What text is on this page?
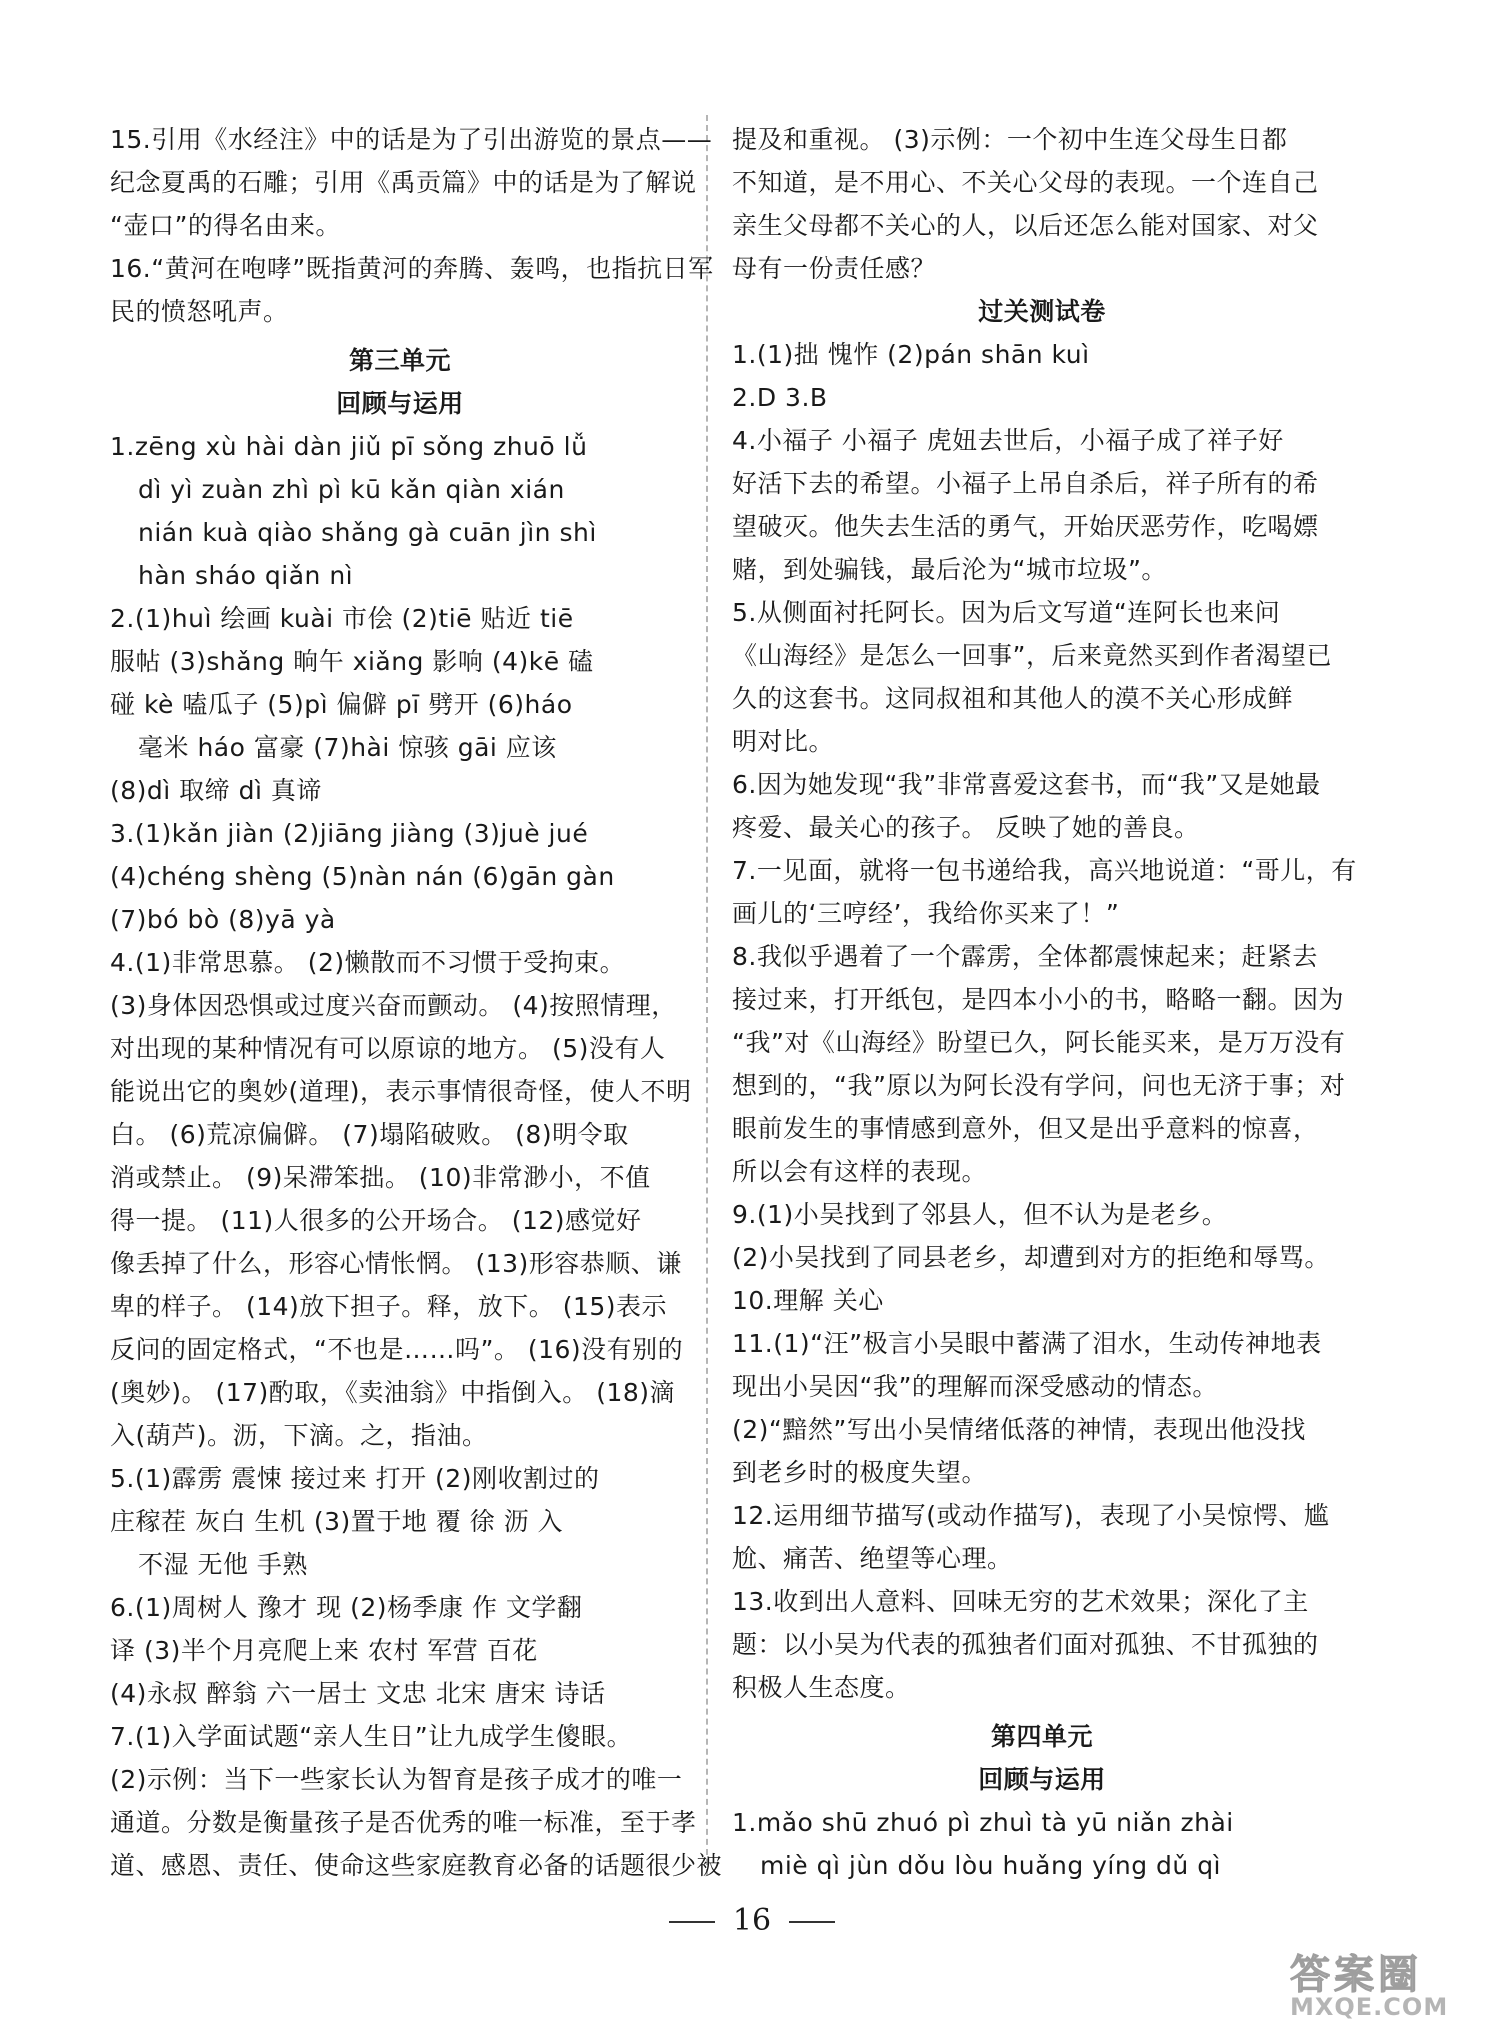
15.引用《水经注》中的话是为了引出游览的景点——

纪念夏禹的石雕；引用《禹贡篇》中的话是为了解说

“壶口”的得名由来。

16.“黄河在咆哮”既指黄河的奔腾、轰鸣，也指抗日军

民的愤怒吼声。

第三单元

回顾与运用

1.zēng xù hài dàn jiǔ pī sǒng zhuō lǚ

dì yì zuàn zhì pì kū kǎn qiàn xián

nián kuà qiào shǎng gà cuān jìn shì

hàn sháo qiǎn nì

2.(1)huì 绘画 kuài 市侩 (2)tiē 贴近 tiē

服帖 (3)shǎng 晌午 xiǎng 影响 (4)kē 磕

碰 kè 嗑瓜子 (5)pì 偏僻 pī 劈开 (6)háo

毫米 háo 富豪 (7)hài 惊骇 gāi 应该

(8)dì 取缔 dì 真谛

3.(1)kǎn jiàn (2)jiāng jiàng (3)juè jué

(4)chéng shèng (5)nàn nán (6)gān gàn

(7)bó bò (8)yā yà

4.(1)非常思慕。 (2)懒散而不习惯于受拘束。

(3)身体因恐惧或过度兴奋而颤动。 (4)按照情理，

对出现的某种情况有可以原谅的地方。 (5)没有人

能说出它的奥妙(道理)，表示事情很奇怪，使人不明

白。 (6)荒凉偏僻。 (7)塌陷破败。 (8)明令取

消或禁止。 (9)呆滞笨拙。 (10)非常渺小，不值

得一提。 (11)人很多的公开场合。 (12)感觉好

像丢掉了什么，形容心情怅惘。 (13)形容恭顺、谦

卑的样子。 (14)放下担子。释，放下。 (15)表示

反问的固定格式，“不也是……吗”。 (16)没有别的

(奥妙)。 (17)酌取，《卖油翁》中指倒入。 (18)滴

入(葫芦)。沥，下滴。之，指油。

5.(1)霹雳 震悚 接过来 打开 (2)刚收割过的

庄稼茬 灰白 生机 (3)置于地 覆 徐 沥 入

不湿 无他 手熟

6.(1)周树人 豫才 现 (2)杨季康 作 文学翻

译 (3)半个月亮爬上来 农村 军营 百花

(4)永叔 醉翁 六一居士 文忠 北宋 唐宋 诗话

7.(1)入学面试题“亲人生日”让九成学生傻眼。

(2)示例：当下一些家长认为智育是孩子成才的唯一

通道。分数是衡量孩子是否优秀的唯一标准，至于孝

道、感恩、责任、使命这些家庭教育必备的话题很少被

提及和重视。 (3)示例：一个初中生连父母生日都

不知道，是不用心、不关心父母的表现。一个连自己

亲生父母都不关心的人，以后还怎么能对国家、对父

母有一份责任感？

过关测试卷

1.(1)拙 愧怍 (2)pán shān kuì

2.D 3.B

4.小福子 小福子 虎妞去世后，小福子成了祥子好

好活下去的希望。小福子上吊自杀后，祥子所有的希

望破灭。他失去生活的勇气，开始厌恶劳作，吃喝嫖

赌，到处骗钱，最后沦为“城市垃圾”。

5.从侧面衬托阿长。因为后文写道“连阿长也来问

《山海经》是怎么一回事”，后来竟然买到作者渴望已

久的这套书。这同叔祖和其他人的漠不关心形成鲜

明对比。

6.因为她发现“我”非常喜爱这套书，而“我”又是她最

疼爱、最关心的孩子。 反映了她的善良。

7.一见面，就将一包书递给我，高兴地说道：“哥儿，有

画儿的‘三哼经’，我给你买来了！”

8.我似乎遇着了一个霹雳，全体都震悚起来；赶紧去

接过来，打开纸包，是四本小小的书，略略一翻。因为

“我”对《山海经》盼望已久，阿长能买来，是万万没有

想到的，“我”原以为阿长没有学问，问也无济于事；对

眼前发生的事情感到意外，但又是出乎意料的惊喜，

所以会有这样的表现。

9.(1)小吴找到了邻县人，但不认为是老乡。

(2)小吴找到了同县老乡，却遭到对方的拒绝和辱骂。

10.理解 关心

11.(1)“汪”极言小吴眼中蓄满了泪水，生动传神地表

现出小吴因“我”的理解而深受感动的情态。

(2)“黯然”写出小吴情绪低落的神情，表现出他没找

到老乡时的极度失望。

12.运用细节描写(或动作描写)，表现了小吴惊愕、尴

尬、痛苦、绝望等心理。

13.收到出人意料、回味无穷的艺术效果；深化了主

题：以小吴为代表的孤独者们面对孤独、不甘孤独的

积极人生态度。

第四单元

回顾与运用

1.mǎo shū zhuó pì zhuì tà yū niǎn zhài

miè qì jùn dǒu lòu huǎng yíng dǔ qì

16
答案圈
MXQE.COM
